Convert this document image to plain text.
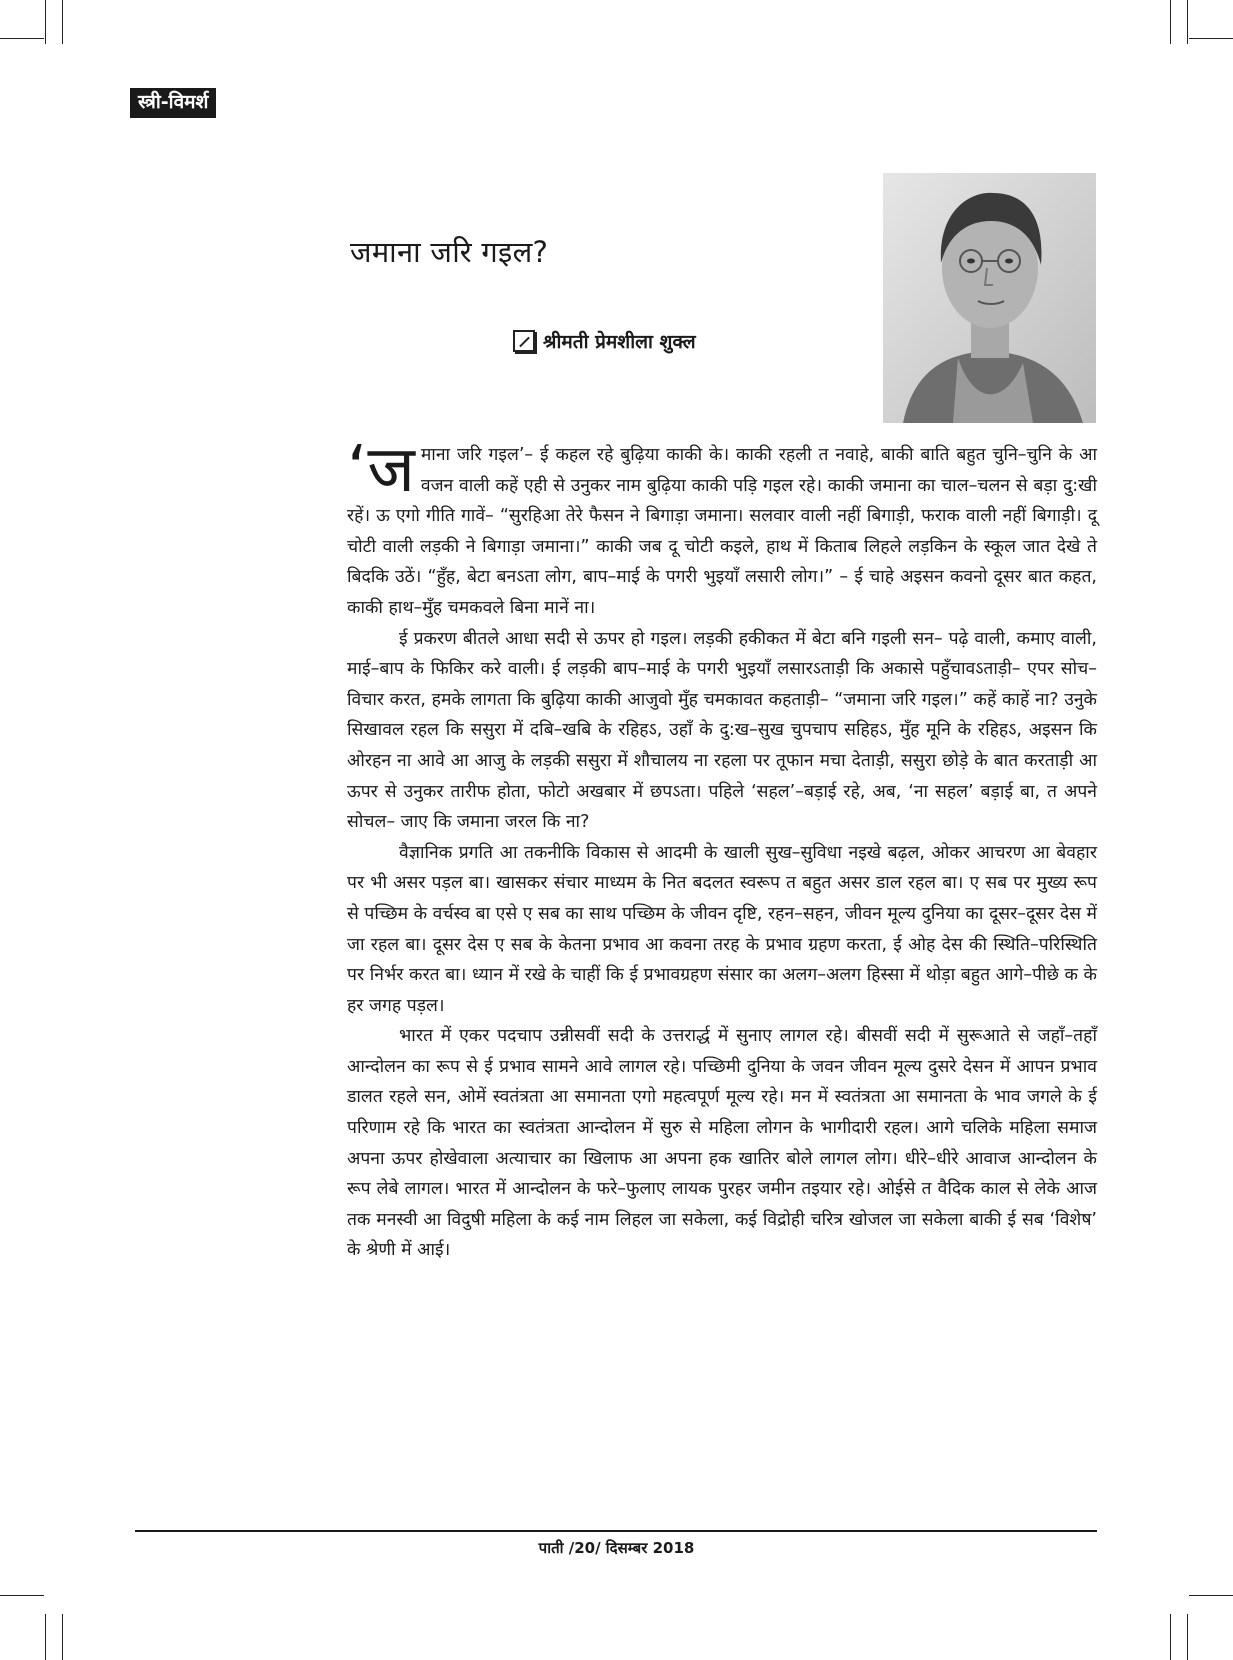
स्त्री-विमर्श
जमाना जरि गइल?
श्रीमती प्रेमशीला शुक्ल

‘जमाना जरि गइल’– ई कहल रहे बुढ़िया काकी के। काकी रहली त नवाहे, बाकी बाति बहुत चुनि–चुनि के आ वजन वाली कहें एही से उनुकर नाम बुढ़िया काकी पड़ि गइल रहे। काकी जमाना का चाल–चलन से बड़ा दु:खी रहें। ऊ एगो गीति गावें– “सुरहिआ तेरे फैसन ने बिगाड़ा जमाना। सलवार वाली नहीं बिगाड़ी, फराक वाली नहीं बिगाड़ी। दू चोटी वाली लड़की ने बिगाड़ा जमाना।” काकी जब दू चोटी कइले, हाथ में किताब लिहले लड़किन के स्कूल जात देखे ते बिदकि उठें। “हुँह, बेटा बनऽता लोग, बाप–माई के पगरी भुइयाँ लसारी लोग।” – ई चाहे अइसन कवनो दूसर बात कहत, काकी हाथ–मुँह चमकवले बिना मानें ना।

ई प्रकरण बीतले आधा सदी से ऊपर हो गइल। लड़की हकीकत में बेटा बनि गइली सन– पढ़े वाली, कमाए वाली, माई–बाप के फिकिर करे वाली। ई लड़की बाप–माई के पगरी भुइयाँ लसारऽताड़ी कि अकासे पहुँचावऽताड़ी– एपर सोच–विचार करत, हमके लागता कि बुढ़िया काकी आजुवो मुँह चमकावत कहताड़ी– “जमाना जरि गइल।” कहें काहें ना? उनुके सिखावल रहल कि ससुरा में दबि–खबि के रहिहऽ, उहाँ के दु:ख–सुख चुपचाप सहिहऽ, मुँह मूनि के रहिहऽ, अइसन कि ओरहन ना आवे आ आजु के लड़की ससुरा में शौचालय ना रहला पर तूफान मचा देताड़ी, ससुरा छोड़े के बात करताड़ी आ ऊपर से उनुकर तारीफ होता, फोटो अखबार में छपऽता। पहिले ‘सहल’–बड़ाई रहे, अब, ‘ना सहल’ बड़ाई बा, त अपने सोचल– जाए कि जमाना जरल कि ना?

वैज्ञानिक प्रगति आ तकनीकि विकास से आदमी के खाली सुख–सुविधा नइखे बढ़ल, ओकर आचरण आ बेवहार पर भी असर पड़ल बा। खासकर संचार माध्यम के नित बदलत स्वरूप त बहुत असर डाल रहल बा। ए सब पर मुख्य रूप से पच्छिम के वर्चस्व बा एसे ए सब का साथ पच्छिम के जीवन दृष्टि, रहन–सहन, जीवन मूल्य दुनिया का दूसर–दूसर देस में जा रहल बा। दूसर देस ए सब के केतना प्रभाव आ कवना तरह के प्रभाव ग्रहण करता, ई ओह देस की स्थिति–परिस्थिति पर निर्भर करत बा। ध्यान में रखे के चाहीं कि ई प्रभावग्रहण संसार का अलग–अलग हिस्सा में थोड़ा बहुत आगे–पीछे क के हर जगह पड़ल।

भारत में एकर पदचाप उन्नीसवीं सदी के उत्तरार्द्ध में सुनाए लागल रहे। बीसवीं सदी में सुरूआते से जहाँ–तहाँ आन्दोलन का रूप से ई प्रभाव सामने आवे लागल रहे। पच्छिमी दुनिया के जवन जीवन मूल्य दुसरे देसन में आपन प्रभाव डालत रहले सन, ओमें स्वतंत्रता आ समानता एगो महत्वपूर्ण मूल्य रहे। मन में स्वतंत्रता आ समानता के भाव जगले के ई परिणाम रहे कि भारत का स्वतंत्रता आन्दोलन में सुरु से महिला लोगन के भागीदारी रहल। आगे चलिके महिला समाज अपना ऊपर होखेवाला अत्याचार का खिलाफ आ अपना हक खातिर बोले लागल लोग। धीरे–धीरे आवाज आन्दोलन के रूप लेबे लागल। भारत में आन्दोलन के फरे–फुलाए लायक पुरहर जमीन तइयार रहे। ओईसे त वैदिक काल से लेके आज तक मनस्वी आ विदुषी महिला के कई नाम लिहल जा सकेला, कई विद्रोही चरित्र खोजल जा सकेला बाकी ई सब ‘विशेष’ के श्रेणी में आई।

पाती /20/ दिसम्बर 2018
